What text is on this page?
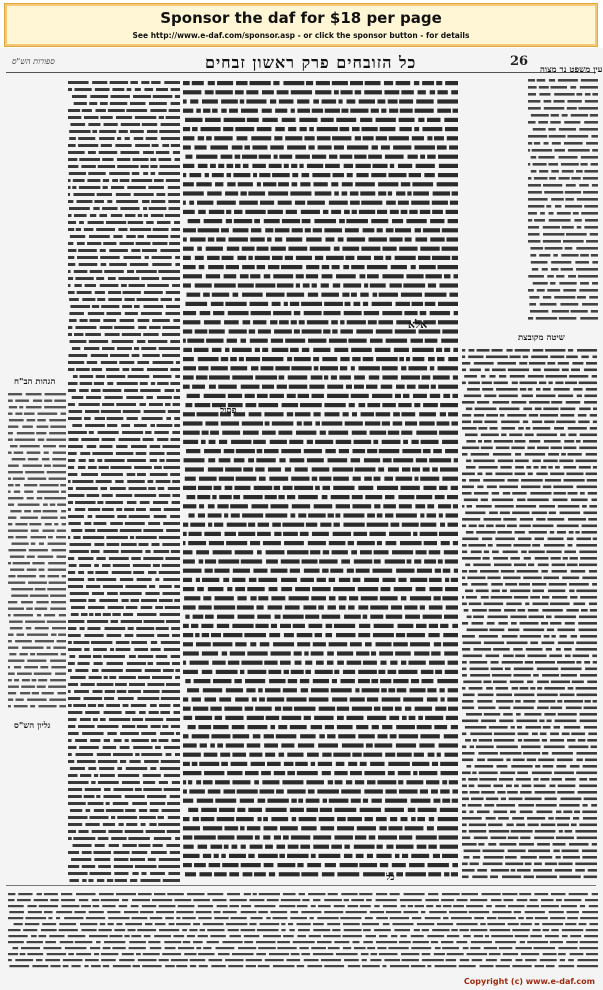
Sponsor the daf for $18 per page
See http://www.e-daf.com/sponsor.asp - or click the sponsor button - for details
ספורות הש"ס	כל הזובחים פרק ראשון זבחים	26
עין משפט נר מצוה
שיטה מקובצת
אלא
פסול
כל
הגהות הב"ח
גליון הש"ס
Copyright (c) www.e-daf.com
